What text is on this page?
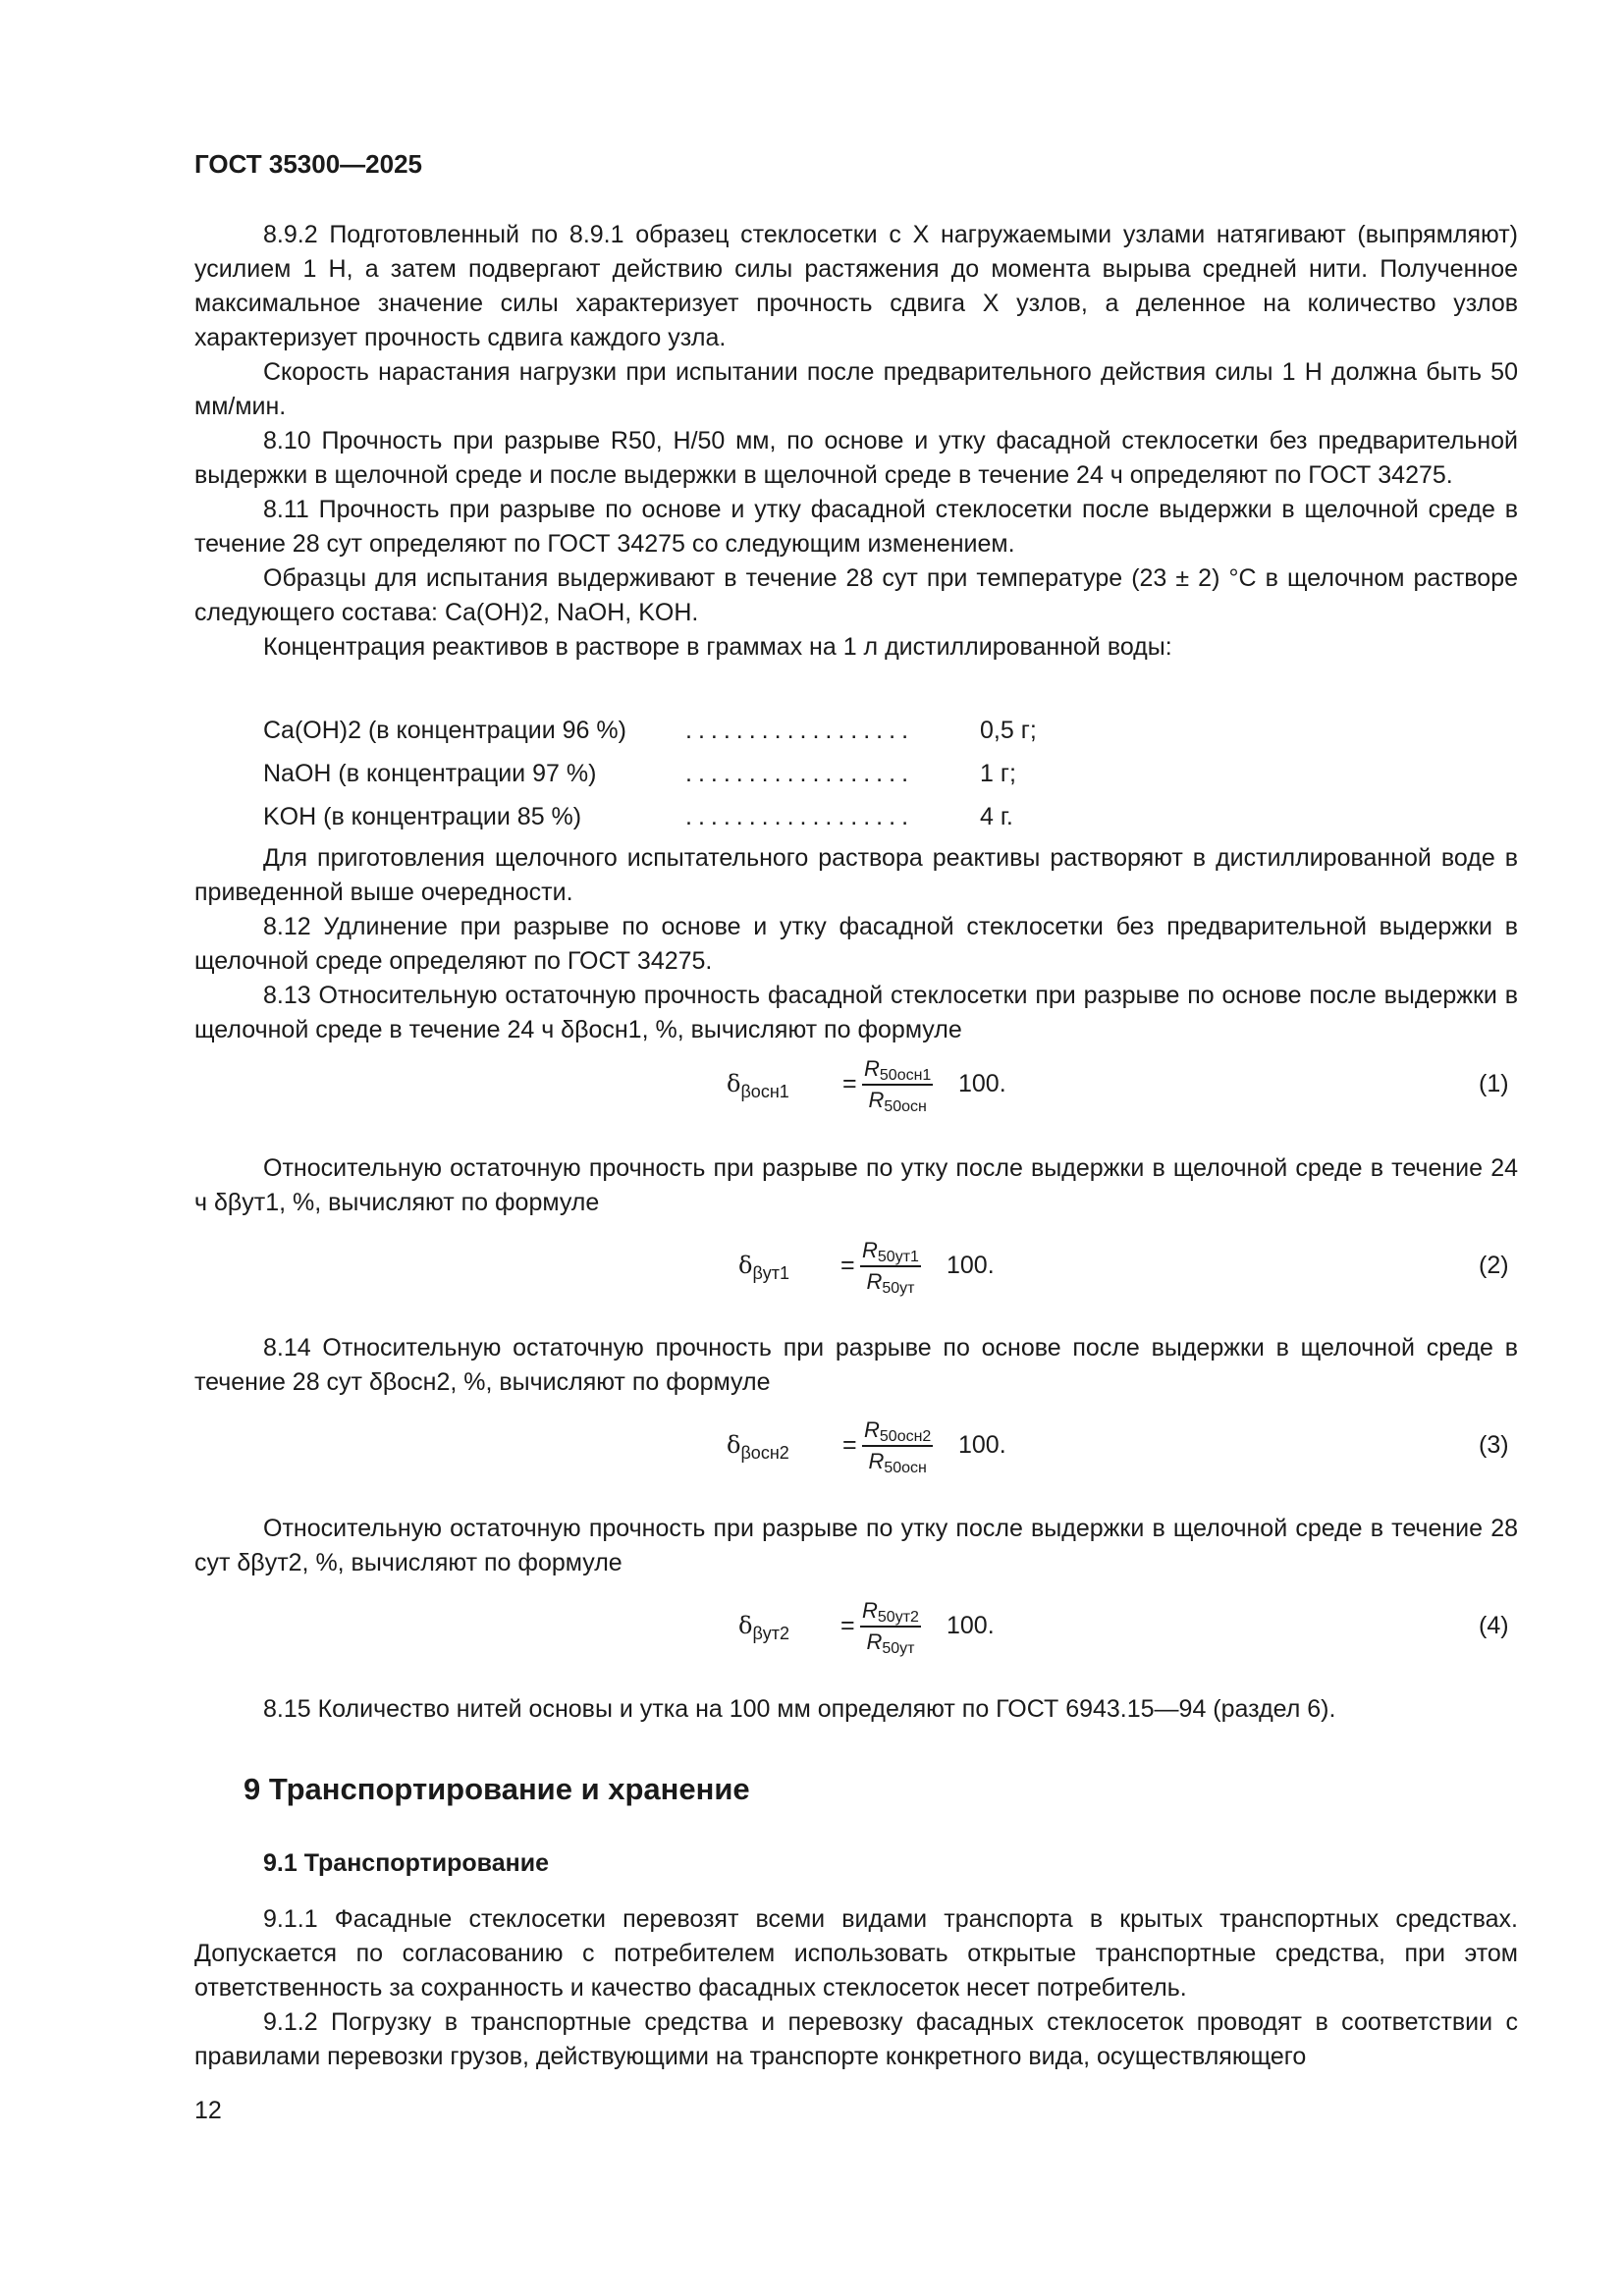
ГОСТ 35300—2025

8.9.2 Подготовленный по 8.9.1 образец стеклосетки с X нагружаемыми узлами натягивают (выпрямляют) усилием 1 Н, а затем подвергают действию силы растяжения до момента вырыва средней нити. Полученное максимальное значение силы характеризует прочность сдвига X узлов, а деленное на количество узлов характеризует прочность сдвига каждого узла.

Скорость нарастания нагрузки при испытании после предварительного действия силы 1 Н должна быть 50 мм/мин.

8.10 Прочность при разрыве R50, Н/50 мм, по основе и утку фасадной стеклосетки без предварительной выдержки в щелочной среде и после выдержки в щелочной среде в течение 24 ч определяют по ГОСТ 34275.

8.11 Прочность при разрыве по основе и утку фасадной стеклосетки после выдержки в щелочной среде в течение 28 сут определяют по ГОСТ 34275 со следующим изменением.

Образцы для испытания выдерживают в течение 28 сут при температуре (23 ± 2) °C в щелочном растворе следующего состава: Ca(OH)2, NaOH, KOH.

Концентрация реактивов в растворе в граммах на 1 л дистиллированной воды:

Ca(OH)2 (в концентрации 96 %) ..................	0,5 г;
NaOH (в концентрации 97 %)	..................	1 г;
KOH (в концентрации 85 %)	..................	4 г.

Для приготовления щелочного испытательного раствора реактивы растворяют в дистиллированной воде в приведенной выше очередности.

8.12 Удлинение при разрыве по основе и утку фасадной стеклосетки без предварительной выдержки в щелочной среде определяют по ГОСТ 34275.

8.13 Относительную остаточную прочность фасадной стеклосетки при разрыве по основе после выдержки в щелочной среде в течение 24 ч δβосн1, %, вычисляют по формуле

$\delta_{\beta осн1}$ =
$R_{50осн1}$
$R_{50осн}$
100.	(1)

Относительную остаточную прочность при разрыве по утку после выдержки в щелочной среде в течение 24 ч δβут1, %, вычисляют по формуле

$\delta_{\beta ут1}$ =
$R_{50ут1}$
$R_{50ут}$
100.	(2)

8.14 Относительную остаточную прочность при разрыве по основе после выдержки в щелочной среде в течение 28 сут δβосн2, %, вычисляют по формуле

$\delta_{\beta осн2}$ =
$R_{50осн2}$
$R_{50осн}$
100.	(3)

Относительную остаточную прочность при разрыве по утку после выдержки в щелочной среде в течение 28 сут δβут2, %, вычисляют по формуле

$\delta_{\beta ут2}$ =
$R_{50ут2}$
$R_{50ут}$
100.	(4)

8.15 Количество нитей основы и утка на 100 мм определяют по ГОСТ 6943.15—94 (раздел 6).

9 Транспортирование и хранение
9.1 Транспортирование

9.1.1 Фасадные стеклосетки перевозят всеми видами транспорта в крытых транспортных средствах. Допускается по согласованию с потребителем использовать открытые транспортные средства, при этом ответственность за сохранность и качество фасадных стеклосеток несет потребитель.

9.1.2 Погрузку в транспортные средства и перевозку фасадных стеклосеток проводят в соответствии с правилами перевозки грузов, действующими на транспорте конкретного вида, осуществляющего

12
